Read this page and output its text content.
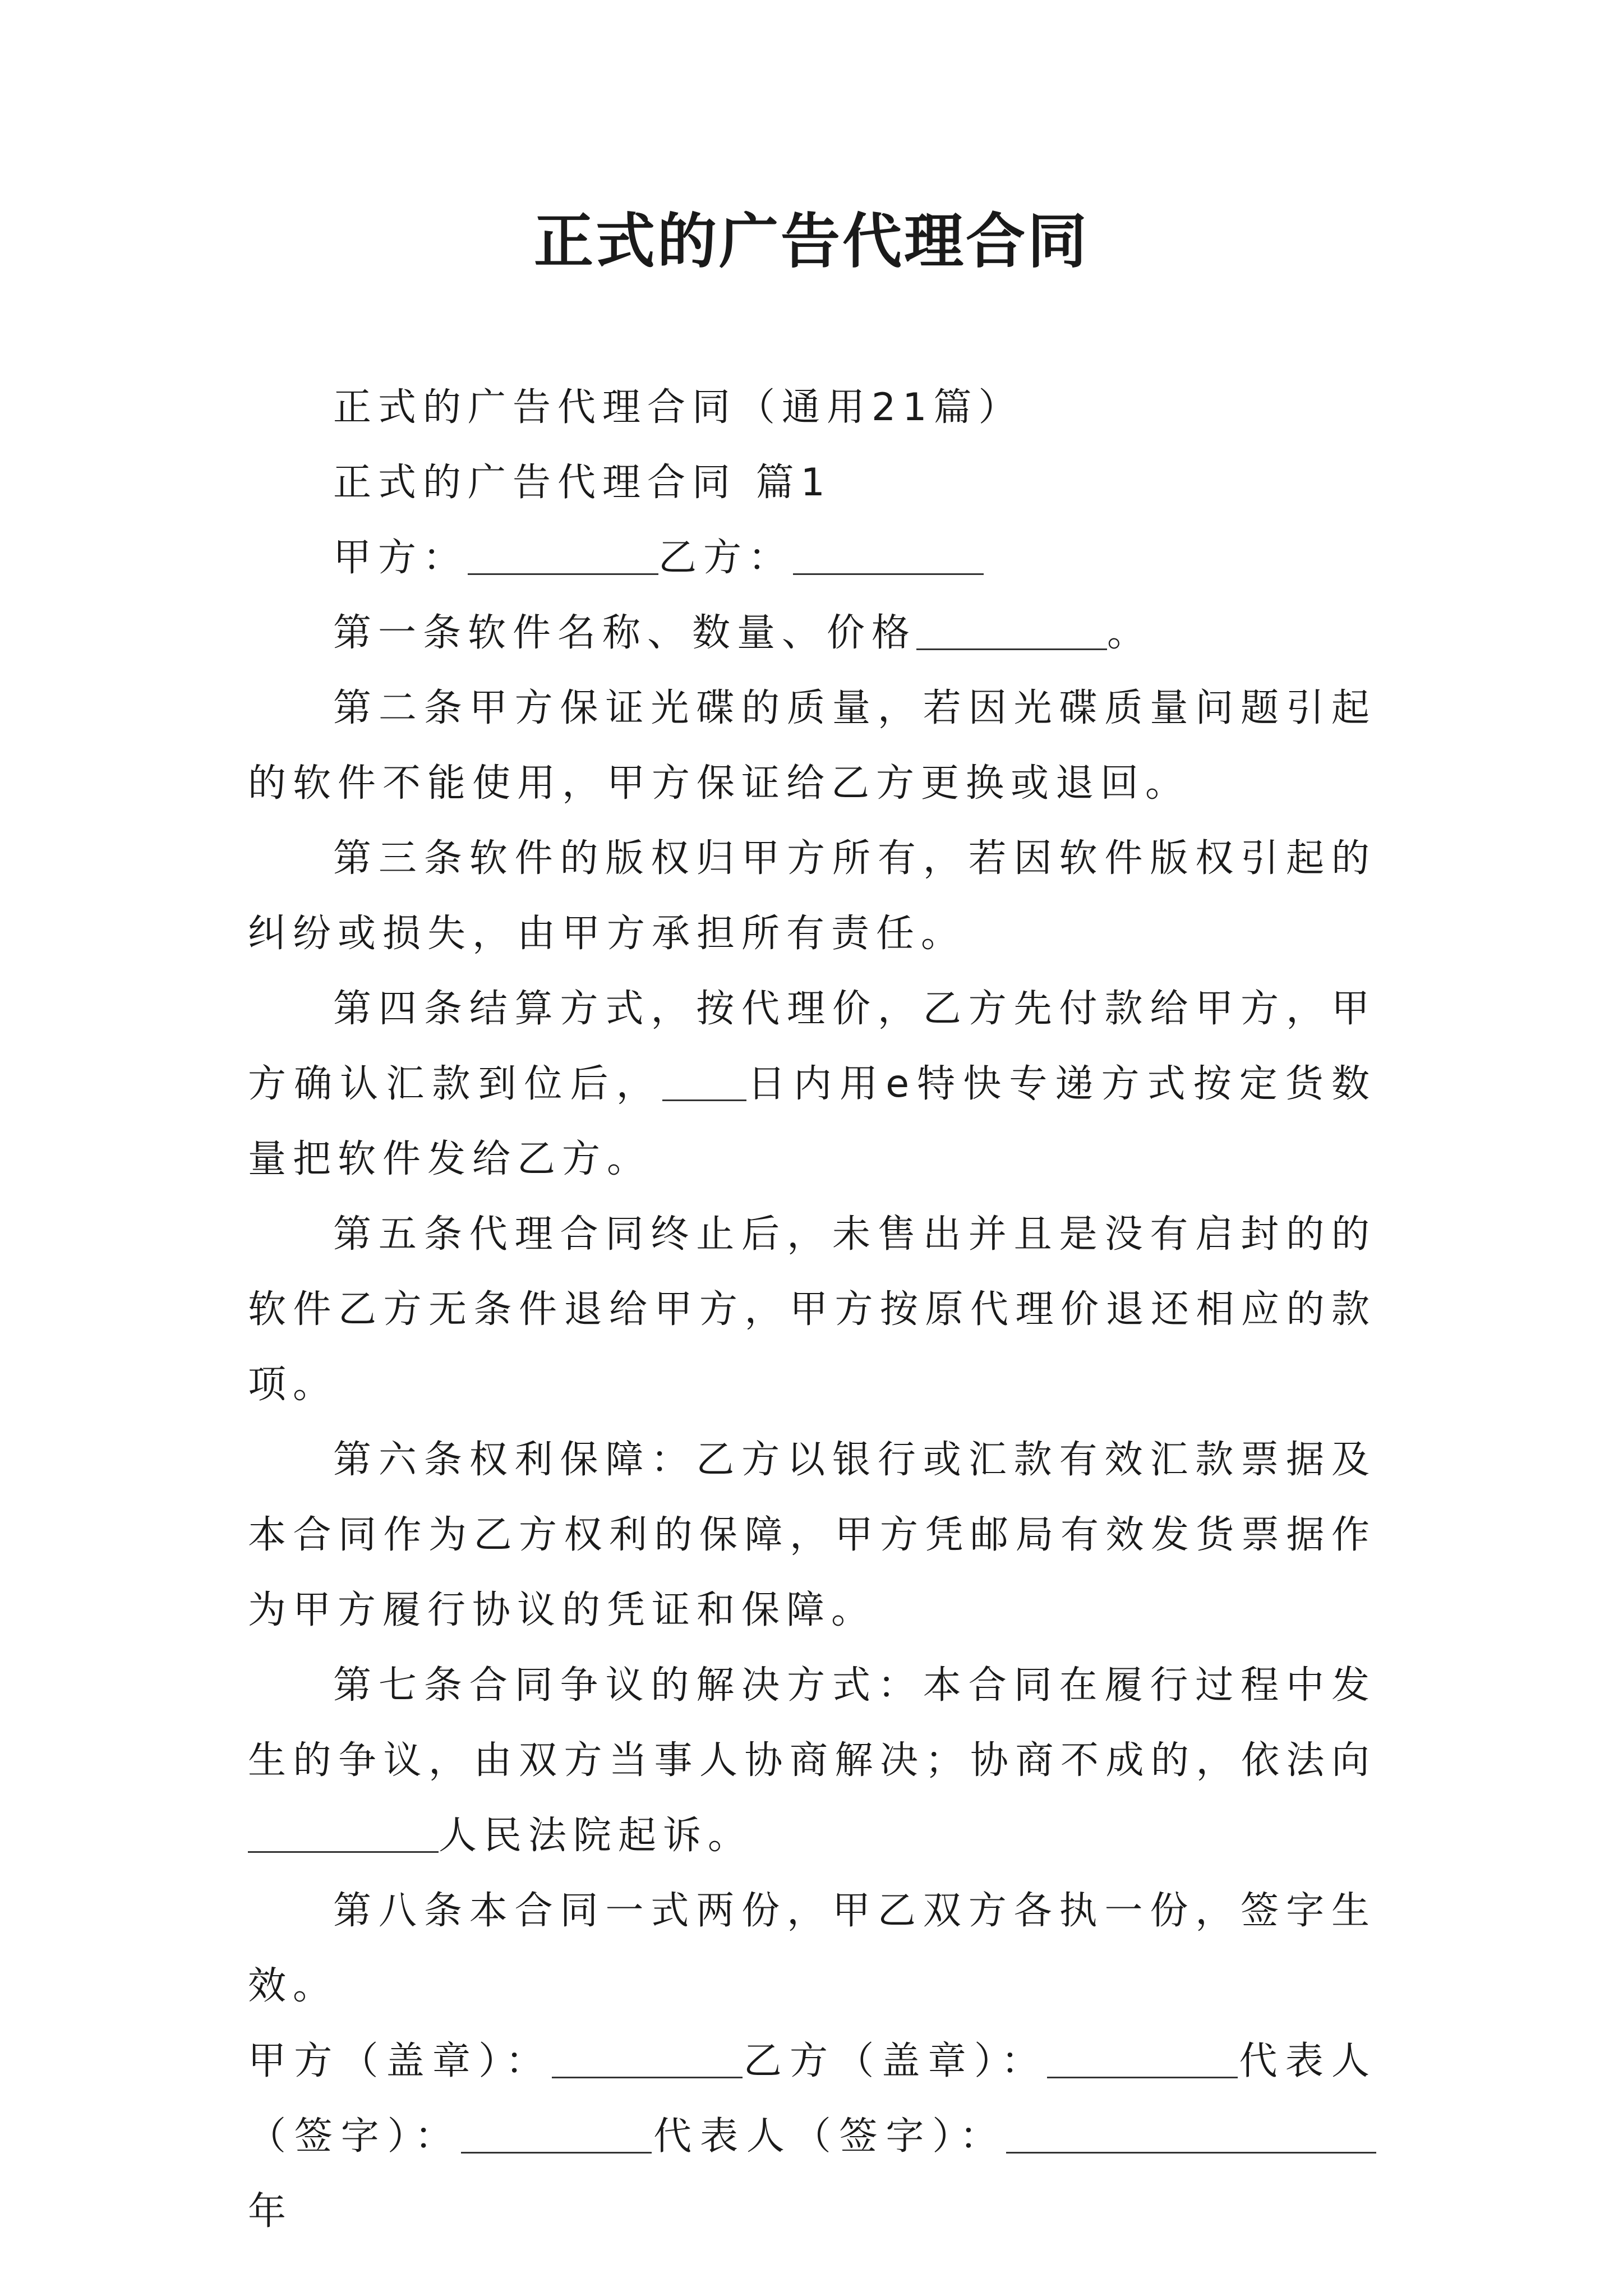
正式的广告代理合同

正式的广告代理合同（通用21篇）

正式的广告代理合同 篇1

甲方：	乙方：

第一条软件名称、数量、价格	。

第二条甲方保证光碟的质量，若因光碟质量问题引起的软件不能使用，甲方保证给乙方更换或退回。

第三条软件的版权归甲方所有，若因软件版权引起的纠纷或损失，由甲方承担所有责任。

第四条结算方式，按代理价，乙方先付款给甲方，甲方确认汇款到位后， 日内用e特快专递方式按定货数量把软件发给乙方。

第五条代理合同终止后，未售出并且是没有启封的的软件乙方无条件退给甲方，甲方按原代理价退还相应的款项。

第六条权利保障：乙方以银行或汇款有效汇款票据及本合同作为乙方权利的保障，甲方凭邮局有效发货票据作为甲方履行协议的凭证和保障。

第七条合同争议的解决方式：本合同在履行过程中发生的争议，由双方当事人协商解决；协商不成的，依法向人民法院起诉。

第八条本合同一式两份，甲乙双方各执一份，签字生效。

甲方（盖章）：	乙方（盖章）：	代表人（签字）：	代表人（签字）：年
